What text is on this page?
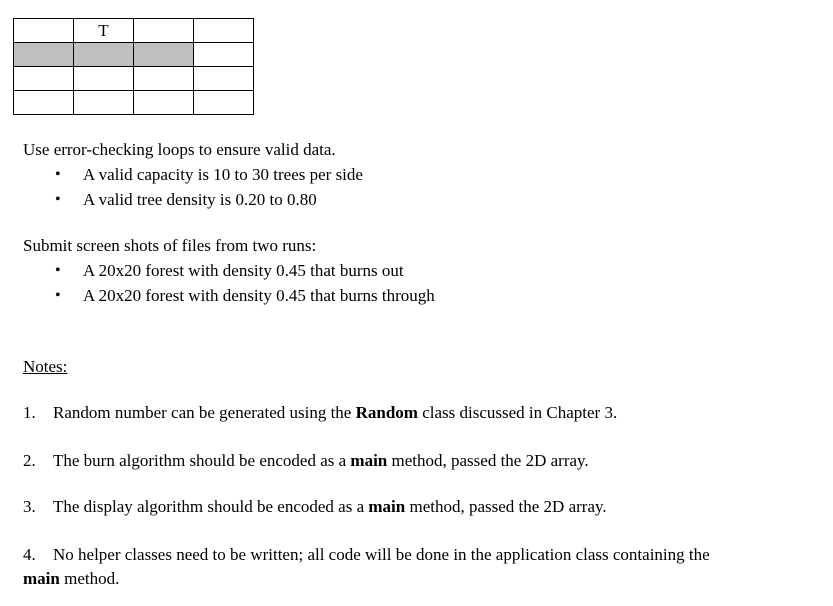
	T		

Use error-checking loops to ensure valid data.
• A valid capacity is 10 to 30 trees per side
• A valid tree density is 0.20 to 0.80
Submit screen shots of files from two runs:
• A 20x20 forest with density 0.45 that burns out
• A 20x20 forest with density 0.45 that burns through
Notes:
1. Random number can be generated using the Random class discussed in Chapter 3.
2. The burn algorithm should be encoded as a main method, passed the 2D array.
3. The display algorithm should be encoded as a main method, passed the 2D array.
4. No helper classes need to be written; all code will be done in the application class containing the
main method.
